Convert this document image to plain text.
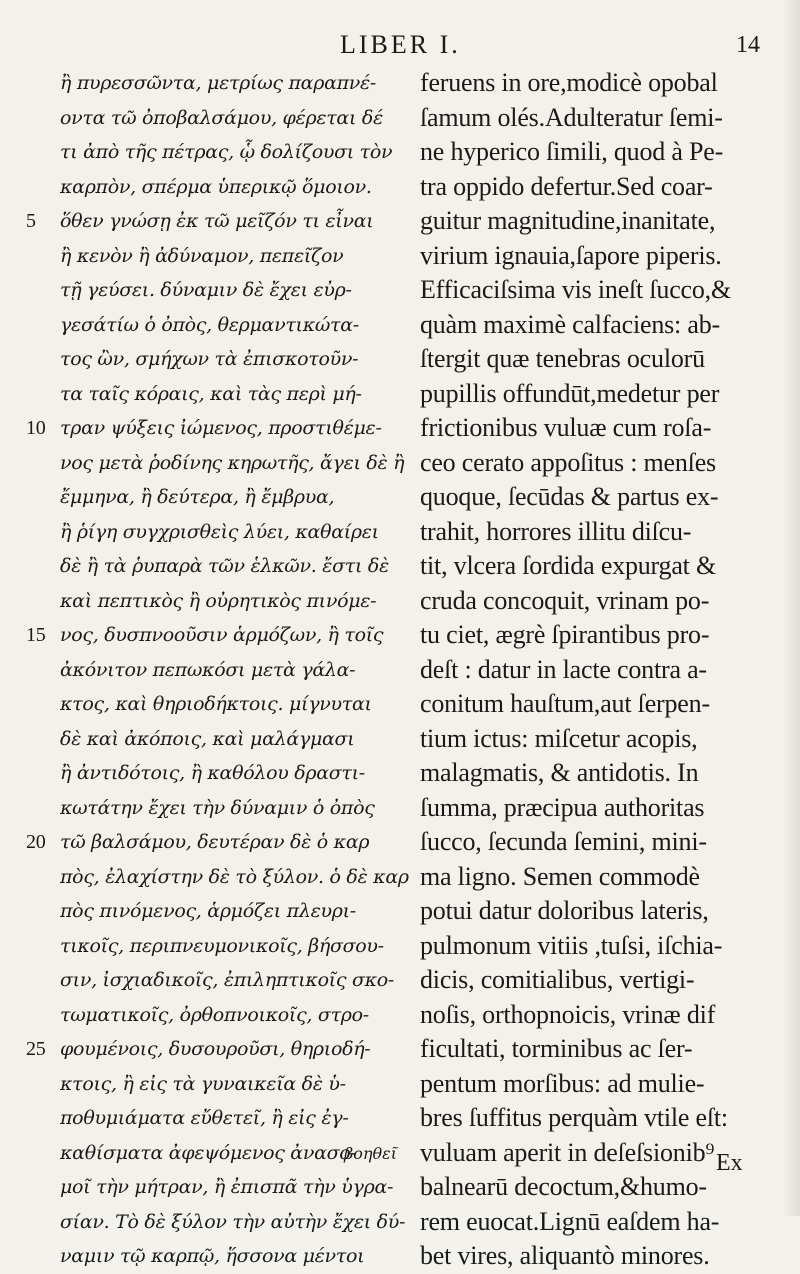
LIBER I.	14
ἢ πυρεσσῶντα, μετρίως παραπνέ-
οντα τῶ ὀποβαλσάμου, φέρεται δέ
τι ἀπὸ τῆς πέτρας, ᾧ δολίζουσι τὸν
καρπὸν, σπέρμα ὑπερικῷ ὅμοιον.
ὅθεν γνώσῃ ἐκ τῶ μεῖζόν τι εἶναι
5
ἢ κενὸν ἢ ἀδύναμον, πεπεῖζον
τῇ γεύσει. δύναμιν δὲ ἔχει εὐρ-
γεσάτίω ὁ ὀπὸς, θερμαντικώτα-
τος ὢν, σμήχων τὰ ἐπισκοτοῦν-
τα ταῖς κόραις, καὶ τὰς περὶ μή-
τραν ψύξεις ἰώμενος, προστιθέμε-
10
νος μετὰ ῥοδίνης κηρωτῆς, ἄγει δὲ ἢ
ἔμμηνα, ἢ δεύτερα, ἢ ἔμβρυα,
ἢ ῥίγη συγχρισθεὶς λύει, καθαίρει
δὲ ἢ τὰ ῥυπαρὰ τῶν ἑλκῶν. ἔστι δὲ
καὶ πεπτικὸς ἢ οὐρητικὸς πινόμε-
νος, δυσπνοοῦσιν ἁρμόζων, ἢ τοῖς
15
ἀκόνιτον πεπωκόσι μετὰ γάλα-
κτος, καὶ θηριοδήκτοις. μίγνυται
δὲ καὶ ἀκόποις, καὶ μαλάγμασι
ἢ ἀντιδότοις, ἢ καθόλου δραστι-
κωτάτην ἔχει τὴν δύναμιν ὁ ὀπὸς
τῶ βαλσάμου, δευτέραν δὲ ὁ καρ
20
πὸς, ἐλαχίστην δὲ τὸ ξύλον. ὁ δὲ καρ
πὸς πινόμενος, ἁρμόζει πλευρι-
τικοῖς, περιπνευμονικοῖς, βήσσου-
σιν, ἰσχιαδικοῖς, ἐπιληπτικοῖς σκο-
τωματικοῖς, ὀρθοπνοικοῖς, στρο-
φουμένοις, δυσουροῦσι, θηριοδή-
25
κτοις, ἢ εἰς τὰ γυναικεῖα δὲ ὑ-
ποθυμιάματα εὔθετεῖ, ἢ εἰς ἐγ-
καθίσματα ἀφεψόμενος ἀνασο-
μοῖ τὴν μήτραν, ἢ ἐπισπᾶ τὴν ὑγρα-
σίαν. Τὸ δὲ ξύλον τὴν αὐτὴν ἔχει δύ-
ναμιν τῷ καρπῷ, ἥσσονα μέντοι
feruens in ore,modicè opobal
ſamum olés.Adulteratur ſemi-
ne hyperico ſimili, quod à Pe-
tra oppido defertur.Sed coar-
guitur magnitudine,inanitate,
virium ignauia,ſapore piperis.
Efficaciſsima vis ineſt ſucco,&
quàm maximè calfaciens: ab-
ſtergit quæ tenebras oculorū
pupillis offundūt,medetur per
frictionibus vuluæ cum roſa-
ceo cerato appoſitus : menſes
quoque, ſecūdas & partus ex-
trahit, horrores illitu diſcu-
tit, vlcera ſordida expurgat &
cruda concoquit, vrinam po-
tu ciet, ægrè ſpirantibus pro-
deſt : datur in lacte contra a-
conitum hauſtum,aut ſerpen-
tium ictus: miſcetur acopis,
malagmatis, & antidotis. In
ſumma, præcipua authoritas
ſucco, ſecunda ſemini, mini-
ma ligno. Semen commodè
potui datur doloribus lateris,
pulmonum vitiis ,tuſsi, iſchia-
dicis, comitialibus, vertigi-
noſis, orthopnoicis, vrinæ dif
ficultati, torminibus ac ſer-
pentum morſibus: ad mulie-
bres ſuffitus perquàm vtile eſt:
vuluam aperit in deſeſsionib⁹
balnearū decoctum,&humo-
rem euocat.Lignū eaſdem ha-
bet vires, aliquantò minores.
βοηθεῖ	Ex
